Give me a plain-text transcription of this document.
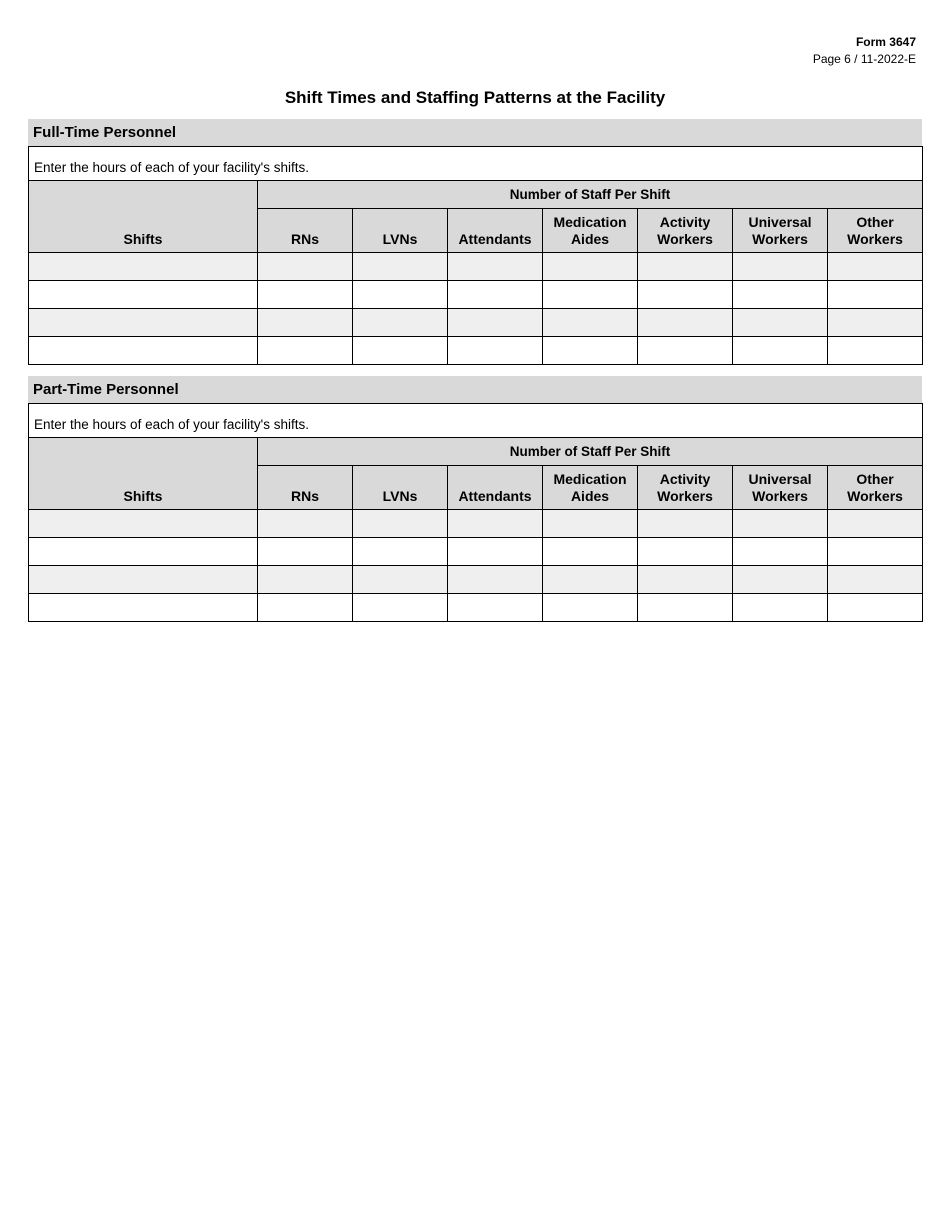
Form 3647
Page 6 / 11-2022-E
Shift Times and Staffing Patterns at the Facility
Full-Time Personnel
Enter the hours of each of your facility's shifts.							
Shifts	Number of Staff Per Shift						
	RNs	LVNs	Attendants	Medication Aides	Activity Workers	Universal Workers	Other Workers

Part-Time Personnel
Enter the hours of each of your facility's shifts.							
Shifts	Number of Staff Per Shift						
	RNs	LVNs	Attendants	Medication Aides	Activity Workers	Universal Workers	Other Workers
